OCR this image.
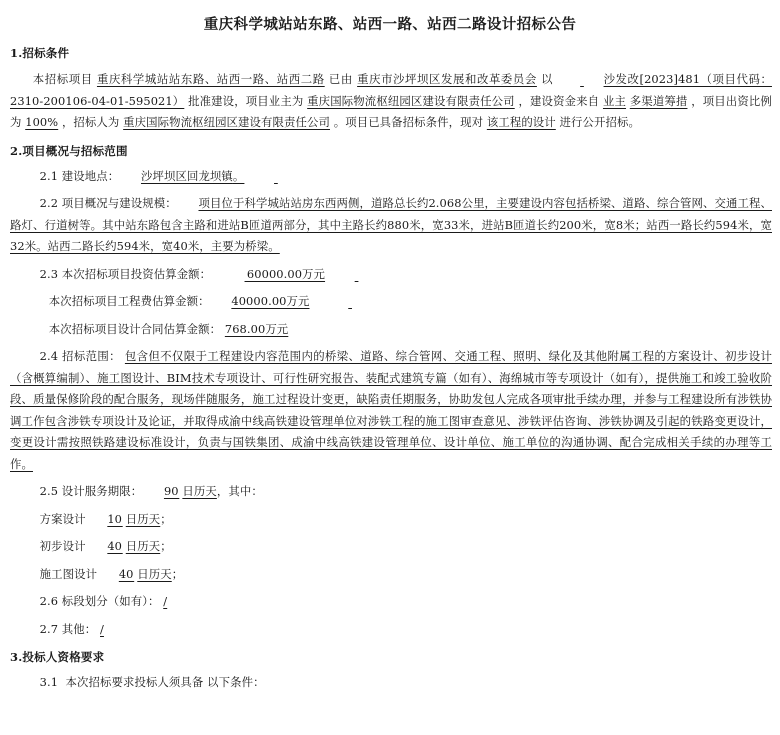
重庆科学城站站东路、站西一路、站西二路设计招标公告
1.招标条件

本招标项目 重庆科学城站站东路、站西一路、站西二路 已由 重庆市沙坪坝区发展和改革委员会 以	沙发改[2023]481（项目代码：2310-200106-04-01-595021） 批准建设，项目业主为 重庆国际物流枢纽园区建设有限责任公司 ，建设资金来自 业主 多渠道筹措 ，项目出资比例为 100% ，招标人为 重庆国际物流枢纽园区建设有限责任公司 。项目已具备招标条件，现对 该工程的设计 进行公开招标。

2.项目概况与招标范围

2.1 建设地点： 沙坪坝区回龙坝镇。

2.2 项目概况与建设规模： 项目位于科学城站站房东西两侧，道路总长约2.068公里，主要建设内容包括桥梁、道路、综合管网、交通工程、路灯、行道树等。其中站东路包含主路和进站B匝道两部分，其中主路长约880米，宽33米，进站B匝道长约200米，宽8米；站西一路长约594米，宽32米。站西二路长约594米，宽40米，主要为桥梁。

2.3 本次招标项目投资估算金额：	60000.00万元

本次招标项目工程费估算金额： 40000.00万元

本次招标项目设计合同估算金额： 768.00万元

2.4 招标范围： 包含但不仅限于工程建设内容范围内的桥梁、道路、综合管网、交通工程、照明、绿化及其他附属工程的方案设计、初步设计（含概算编制）、施工图设计、BIM技术专项设计、可行性研究报告、装配式建筑专篇（如有）、海绵城市等专项设计（如有），提供施工和竣工验收阶段、质量保修阶段的配合服务，现场伴随服务，施工过程设计变更，缺陷责任期服务，协助发包人完成各项审批手续办理，并参与工程建设所有涉铁协调工作包含涉铁专项设计及论证，并取得成渝中线高铁建设管理单位对涉铁工程的施工图审查意见、涉铁评估咨询、涉铁协调及引起的铁路变更设计，变更设计需按照铁路建设标准设计，负责与国铁集团、成渝中线高铁建设管理单位、设计单位、施工单位的沟通协调、配合完成相关手续的办理等工作。

2.5 设计服务期限： 90 日历天，其中：

方案设计 10 日历天；

初步设计 40 日历天；

施工图设计 40 日历天；

2.6 标段划分（如有）： /

2.7 其他： /

3.投标人资格要求

3.1 本次招标要求投标人须具备 以下条件：
